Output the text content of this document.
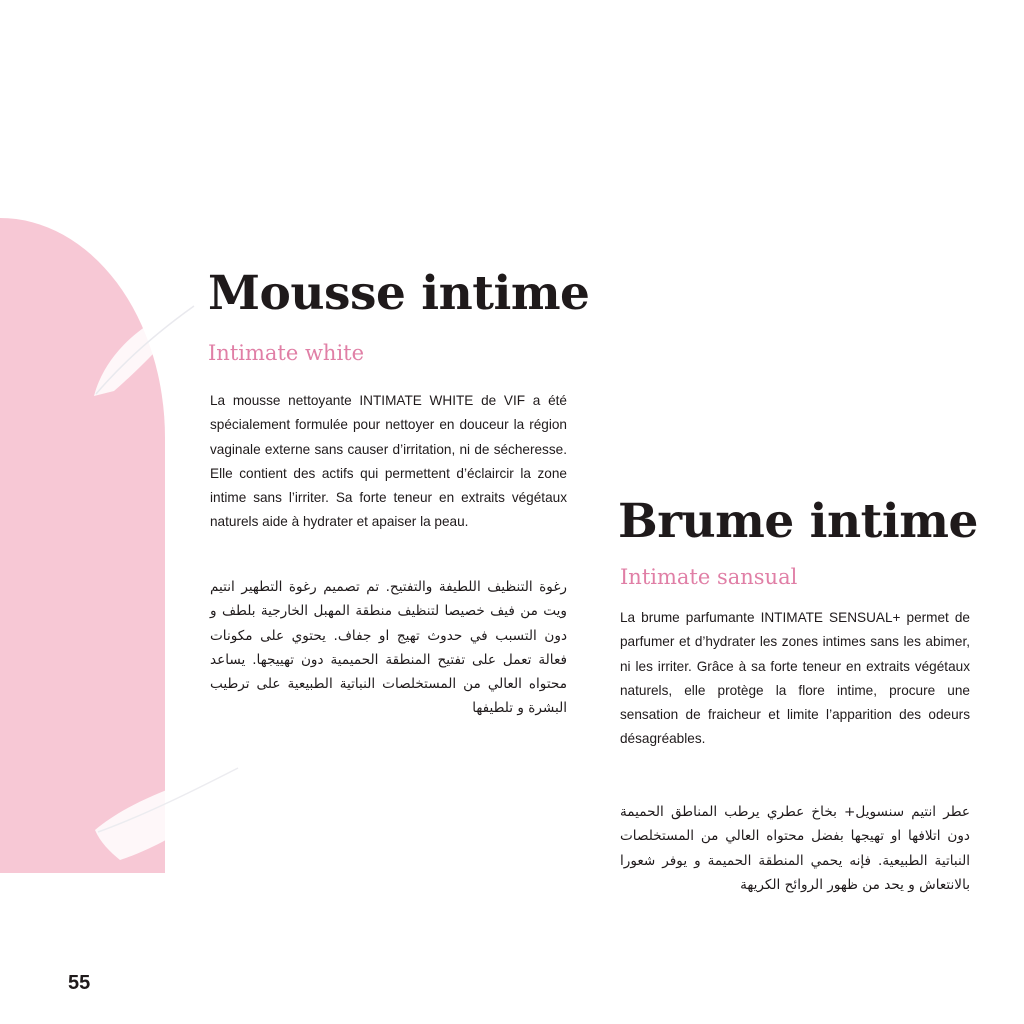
Mousse intime
Intimate white

La mousse nettoyante INTIMATE WHITE de VIF a été spécialement formulée pour nettoyer en douceur la région vaginale externe sans causer d’irritation, ni de sécheresse. Elle contient des actifs qui permettent d’éclaircir la zone intime sans l’irriter. Sa forte teneur en extraits végétaux naturels aide à hydrater et apaiser la peau.

رغوة التنظيف اللطيفة والتفتيح. تم تصميم رغوة التطهير انتيم ويت من فيف خصيصا لتنظيف منطقة المهبل الخارجية بلطف و دون التسبب في حدوث تهيج او جفاف. يحتوي على مكونات فعالة تعمل على تفتيح المنطقة الحميمية دون تهييجها. يساعد محتواه العالي من المستخلصات النباتية الطبيعية على ترطيب البشرة و تلطيفها

Brume intime
Intimate sansual

La brume parfumante INTIMATE SENSUAL+ permet de parfumer et d’hydrater les zones intimes sans les abimer, ni les irriter. Grâce à sa forte teneur en extraits végétaux naturels, elle protège la flore intime, procure une sensation de fraicheur et limite l’apparition des odeurs désagréables.

عطر انتيم سنسويل+ بخاخ عطري يرطب المناطق الحميمة دون اتلافها او تهيجها بفضل محتواه العالي من المستخلصات النباتية الطبيعية. فإنه يحمي المنطقة الحميمة و يوفر شعورا بالانتعاش و يحد من ظهور الروائح الكريهة

55
